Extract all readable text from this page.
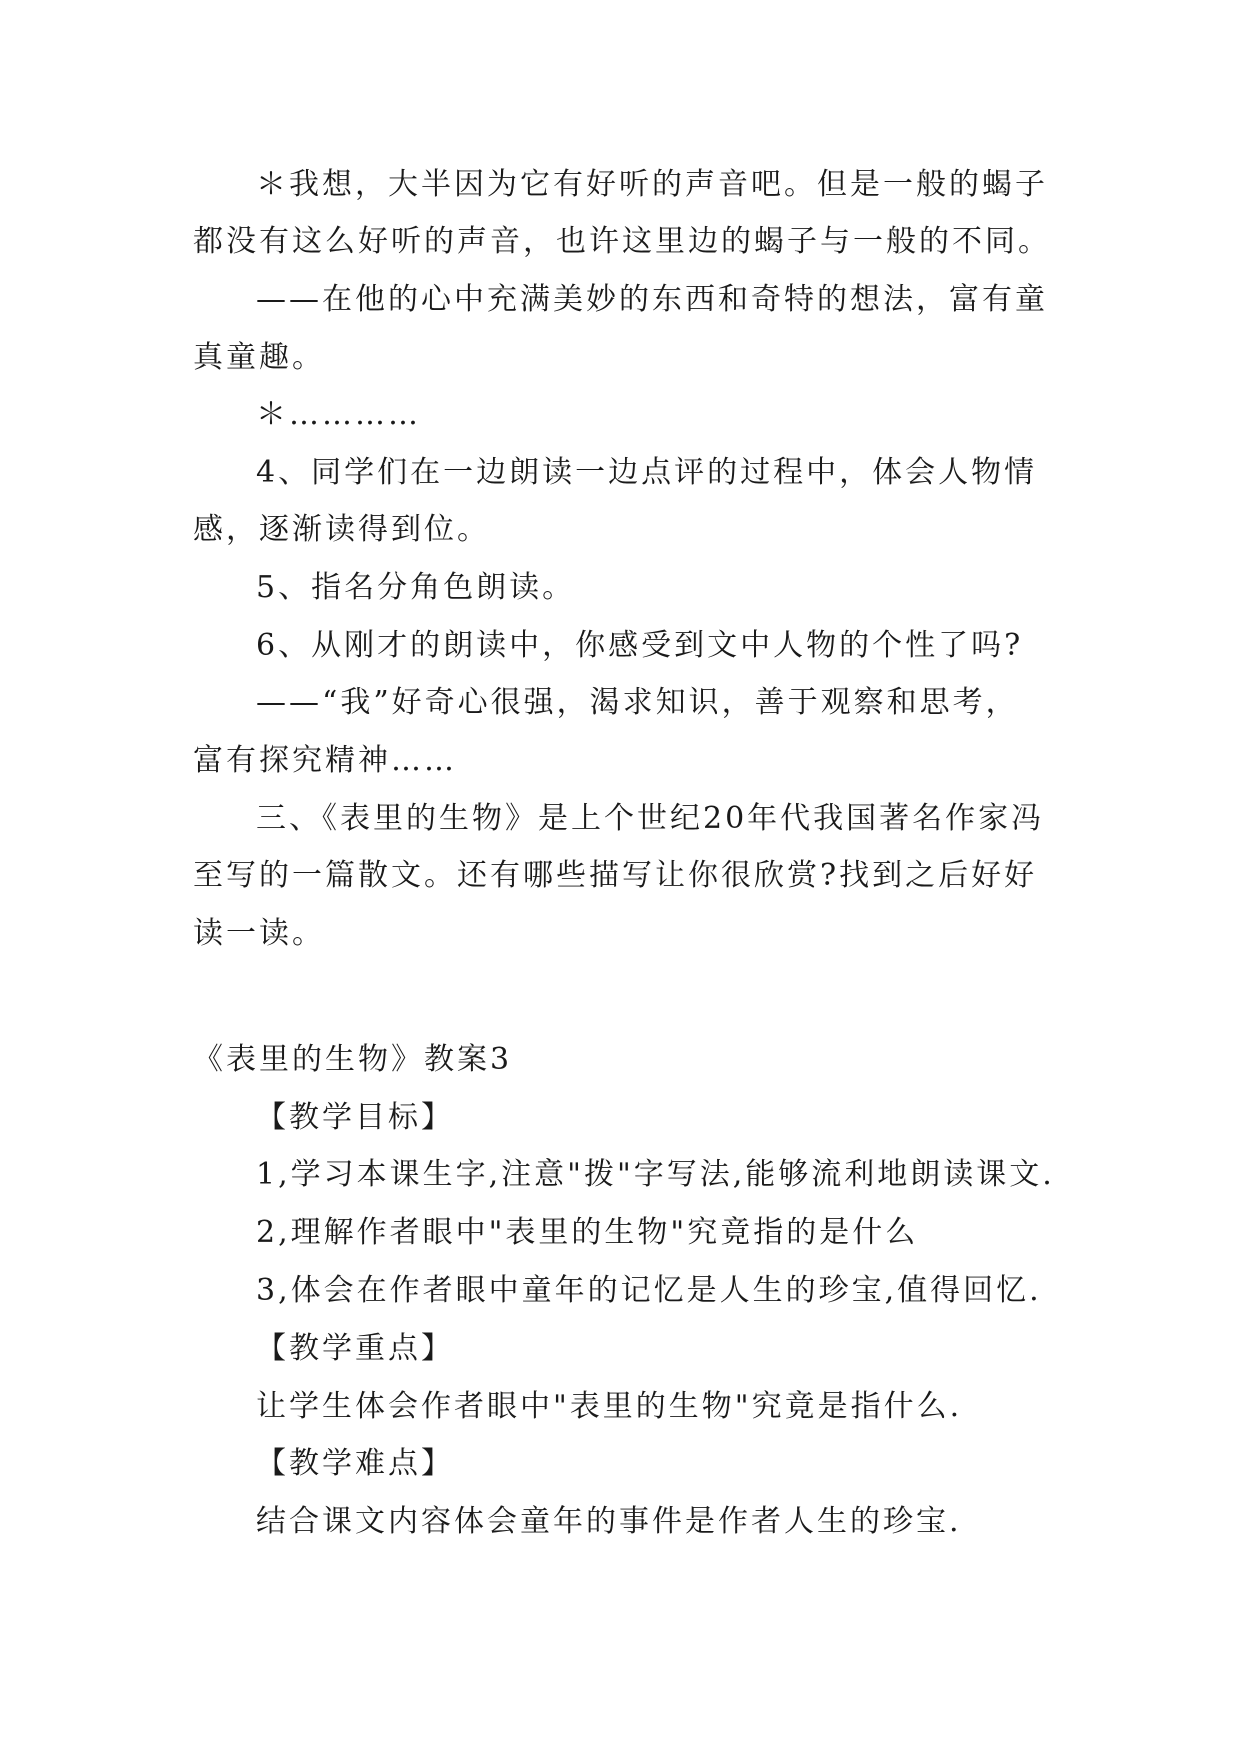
＊我想，大半因为它有好听的声音吧。但是一般的蝎子
都没有这么好听的声音，也许这里边的蝎子与一般的不同。
——在他的心中充满美妙的东西和奇特的想法，富有童
真童趣。
＊…………
4、同学们在一边朗读一边点评的过程中，体会人物情
感，逐渐读得到位。
5、指名分角色朗读。
6、从刚才的朗读中，你感受到文中人物的个性了吗?
——“我”好奇心很强，渴求知识，善于观察和思考，
富有探究精神……
三、《表里的生物》是上个世纪20年代我国著名作家冯
至写的一篇散文。还有哪些描写让你很欣赏?找到之后好好
读一读。
《表里的生物》教案3
【教学目标】
1,学习本课生字,注意"拨"字写法,能够流利地朗读课文.
2,理解作者眼中"表里的生物"究竟指的是什么
3,体会在作者眼中童年的记忆是人生的珍宝,值得回忆.
【教学重点】
让学生体会作者眼中"表里的生物"究竟是指什么.
【教学难点】
结合课文内容体会童年的事件是作者人生的珍宝.
